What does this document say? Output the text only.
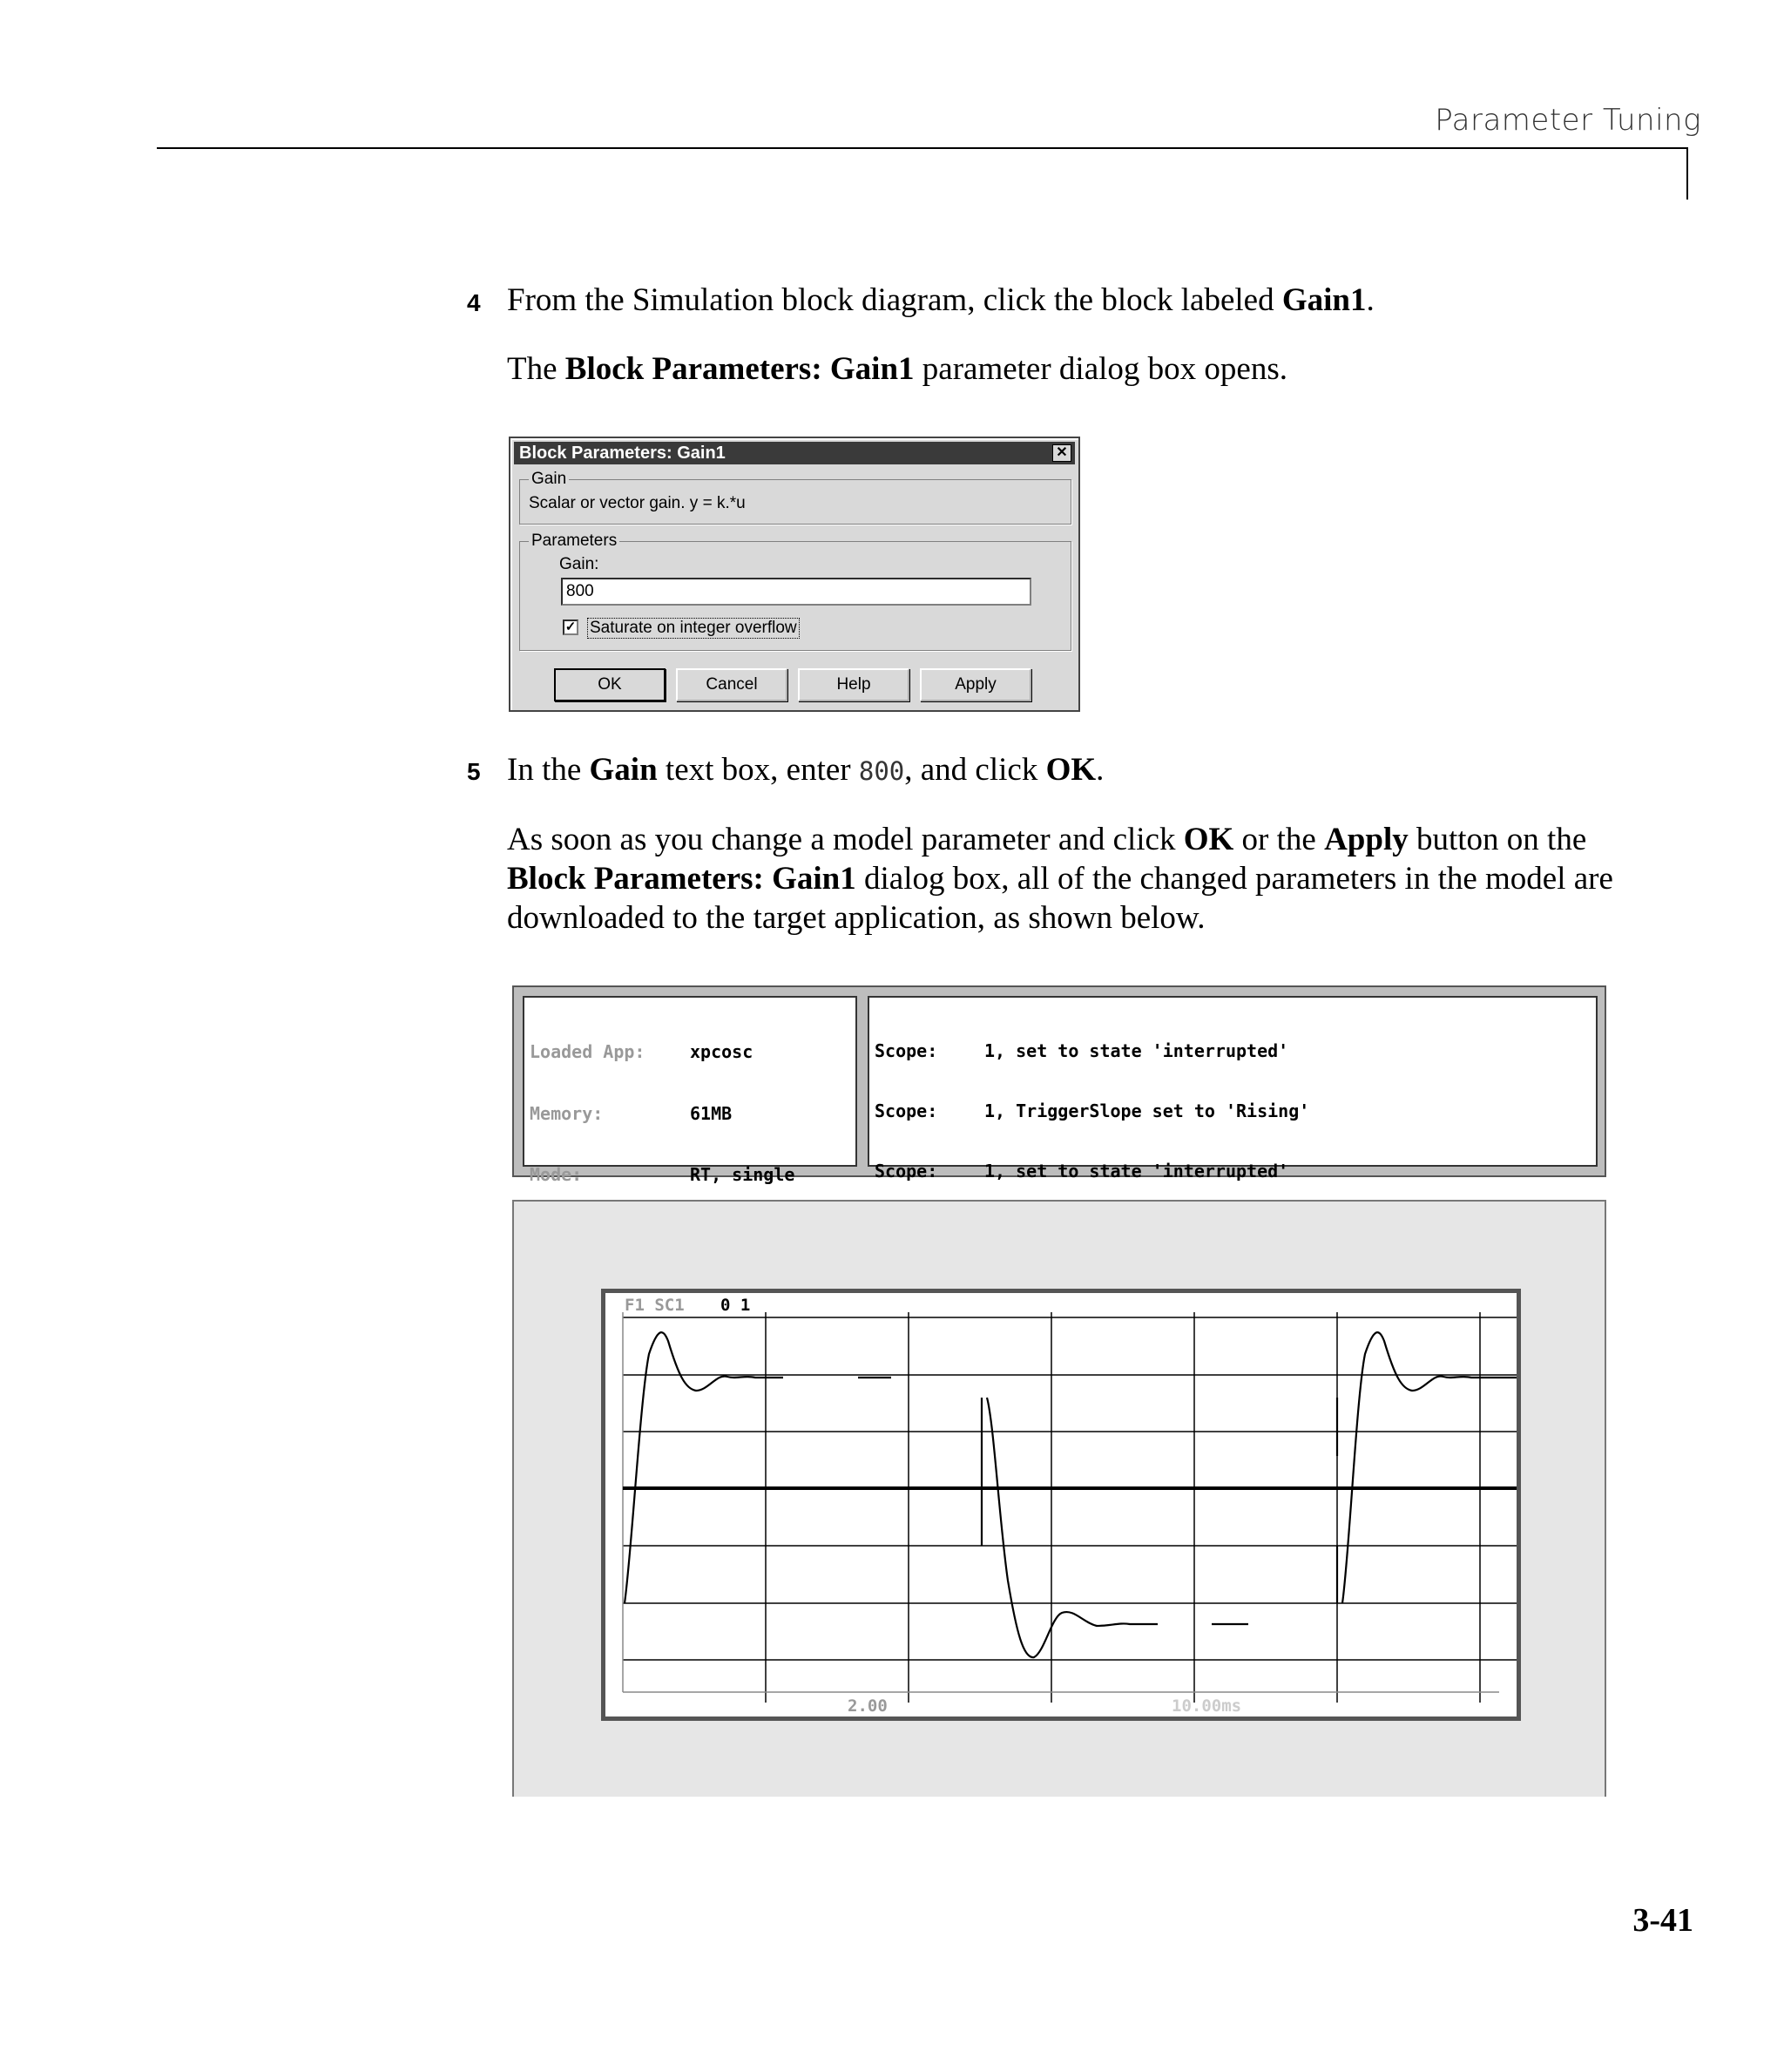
Parameter Tuning
4 From the Simulation block diagram, click the block labeled Gain1.
The Block Parameters: Gain1 parameter dialog box opens.
Block Parameters: Gain1	✕
Gain
Scalar or vector gain. y = k.*u
Parameters
Gain:
800
✓ Saturate on integer overflow
OK	Cancel	Help	Apply
5 In the Gain text box, enter 800, and click OK.
As soon as you change a model parameter and click OK or the Apply button on the Block Parameters: Gain1 dialog box, all of the changed parameters in the model are downloaded to the target application, as shown below.

Loaded App:	xpcosc

Memory:	61MB

Mode:	RT, single

Scope:	1, set to state 'interrupted'

Scope:	1, TriggerSlope set to 'Rising'

Scope:	1, set to state 'interrupted'

F1 SC1 0 1
2.00	10.00ms
3-41
